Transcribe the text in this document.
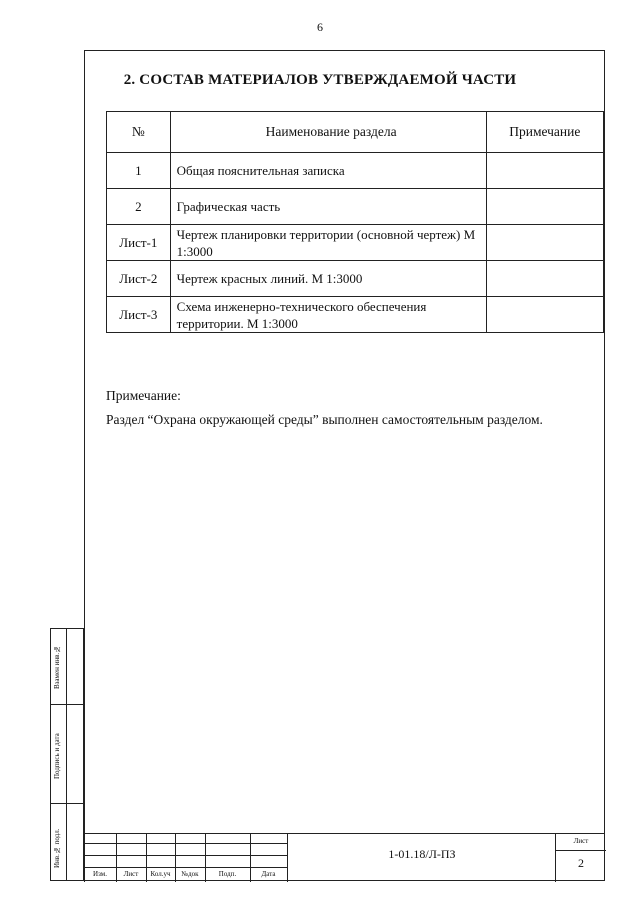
6
2. СОСТАВ МАТЕРИАЛОВ УТВЕРЖДАЕМОЙ ЧАСТИ
№	Наименование раздела	Примечание
1	Общая пояснительная записка	
2	Графическая часть	
Лист-1	Чертеж планировки территории (основной чертеж) М 1:3000	
Лист-2	Чертеж красных линий. М 1:3000	
Лист-3	Схема инженерно-технического обеспечения территории. М 1:3000	
Примечание:
Раздел “Охрана окружающей среды” выполнен самостоятельным разделом.
Взамен инв.№
Подпись и дата
Инв.№ подл.
Изм.	Лист	Кол.уч	№док	Подп.	Дата
1-01.18/Л-ПЗ
Лист
2
